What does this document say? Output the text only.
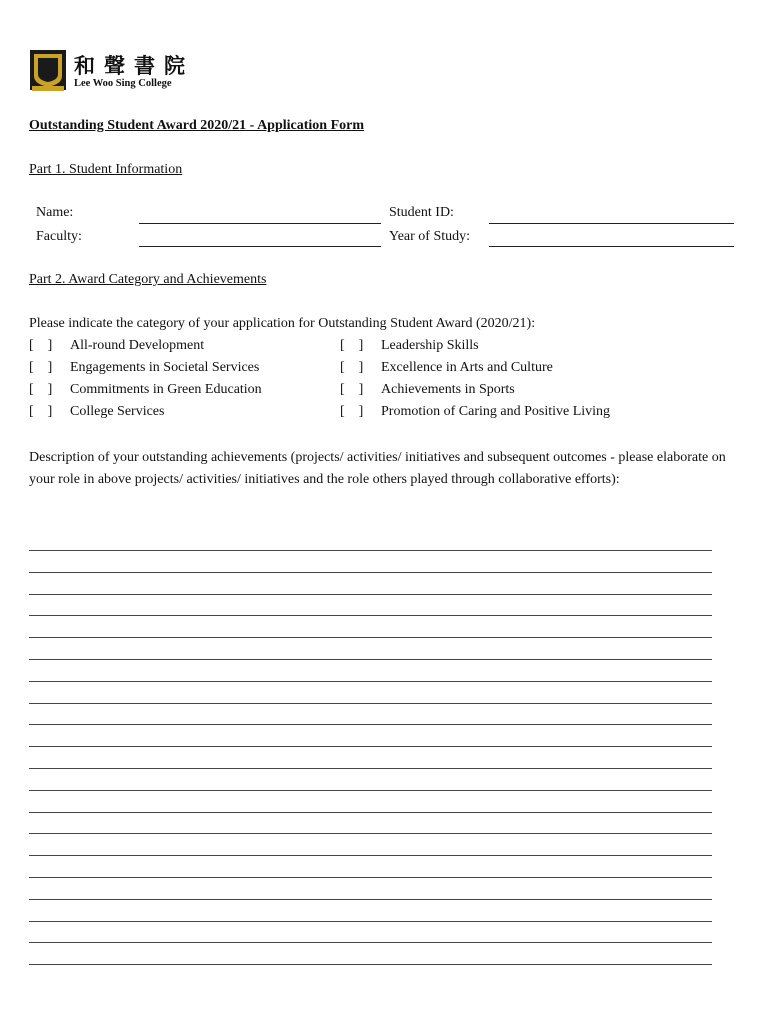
和聲書院
Lee Woo Sing College
Outstanding Student Award 2020/21 - Application Form
Part 1. Student Information
Name:	Student ID:
Faculty:	Year of Study:
Part 2. Award Category and Achievements
Please indicate the category of your application for Outstanding Student Award (2020/21):
[    ] All-round Development
[    ] Engagements in Societal Services
[    ] Commitments in Green Education
[    ] College Services
[    ] Leadership Skills
[    ] Excellence in Arts and Culture
[    ] Achievements in Sports
[    ] Promotion of Caring and Positive Living
Description of your outstanding achievements (projects/ activities/ initiatives and subsequent outcomes - please elaborate on your role in above projects/ activities/ initiatives and the role others played through collaborative efforts):
